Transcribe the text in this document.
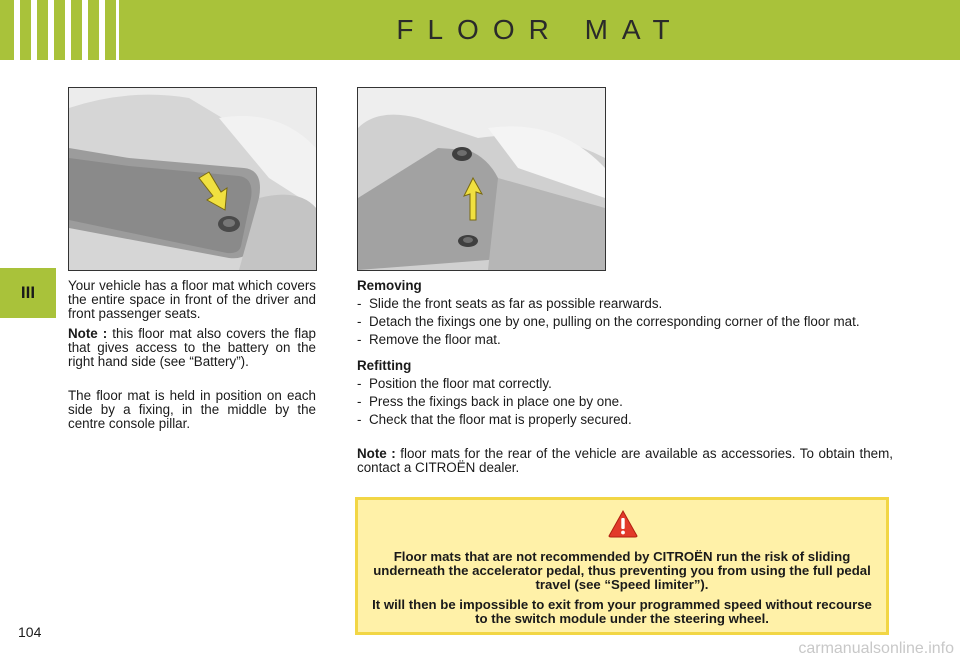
FLOOR MAT
III	Your vehicle has a floor mat which covers the entire space in front of the driver and front passenger seats.

Note : this floor mat also covers the flap that gives access to the battery on the right hand side (see “Battery”).

The floor mat is held in position on each side by a fixing, in the middle by the centre console pillar.

Removing

- Slide the front seats as far as possible rearwards.
- Detach the fixings one by one, pulling on the corresponding corner of the floor mat.
- Remove the floor mat.

Refitting

- Position the floor mat correctly.
- Press the fixings back in place one by one.
- Check that the floor mat is properly secured.

Note : floor mats for the rear of the vehicle are available as accessories. To obtain them, contact a CITROËN dealer.

Floor mats that are not recommended by CITROËN run the risk of sliding underneath the accelerator pedal, thus preventing you from using the full pedal travel (see “Speed limiter”).

It will then be impossible to exit from your programmed speed without recourse to the switch module under the steering wheel.

104
carmanualsonline.info
